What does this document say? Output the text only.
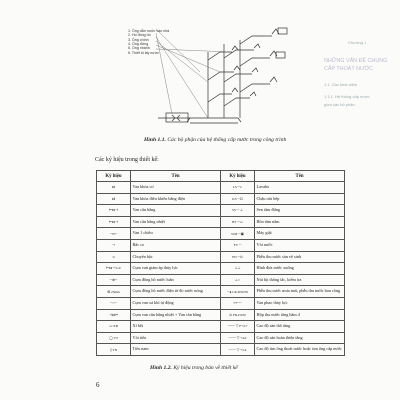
1. Ống dẫn nước vào nhà
2. Hố đồng hồ
3. Ống chính
4. Ống đứng
5. Ống nhánh
6. Thiết bị lấy nước
Chương 1
NHỮNG VẤN ĐỀ CHUNG
CẤP THOÁT NƯỚC
1.1. Các khái niệm
1.1.1. Hệ thống cấp nước
gồm các bộ phận
Hình 1.1. Các bộ phận của hệ thống cấp nước trong công trình
Các ký hiệu trong thiết kế:
Ký hiệu	Tên	Ký hiệu	Tên
⋈	Van khóa cơ	LS ─◐	Lavabo
⋈̂	Van khóa điều khiển bằng điện	KS ─⊡	Chậu rửa bếp
⊢⋈⊣	Van cân bằng	SS ─ ⊥	Sen tắm đứng
⊢⋈⊣	Van cân bằng nhiệt	BT ─▭	Bồn tắm nằm
─N─	Van 1 chiều	WM ─▣	Máy giặt
⊸	Rắc co	FV ─	Vòi nước
⊃	Chuyển bậc	FD ─⊙	Phễu thu nước sàn vệ sinh
⊢⋈⊣ GV	Cụm van giảm áp thủy lực	⊥⊥	Hình đưa nước xuống
─⊕─	Cụm đồng hồ nước luân	⊥∩	Nút bịt thông tắc, kiểm tra
⊞ 25mm	Cụm đồng hồ nước điện tử đo nước nóng	─● CR-D50/50	Phễu thu nước mưa mái, phễu thu nước ban công
─○─	Cụm van xả khí tự động	⊶──	Van phao thủy lực
⊣⋈⊢	Cụm van cân bằng nhiệt + Van cân bằng	⊙ FD-D100	Hộp thu nước tầng hầm 4
▭ XB	Xí bệt	─── ▽ F+4.7	Cao độ sàn thô tầng
◯ VT	Vòi tiểu	─── ▽ +4.0	Cao độ sàn hoàn thiện tầng
▯ TN	Tiểu nam	─── ▽ +3.4	Cao độ tim ống thoát nước hoặc tim ống cấp nước
Hình 1.2. Ký hiệu trong bản vẽ thiết kế
6
